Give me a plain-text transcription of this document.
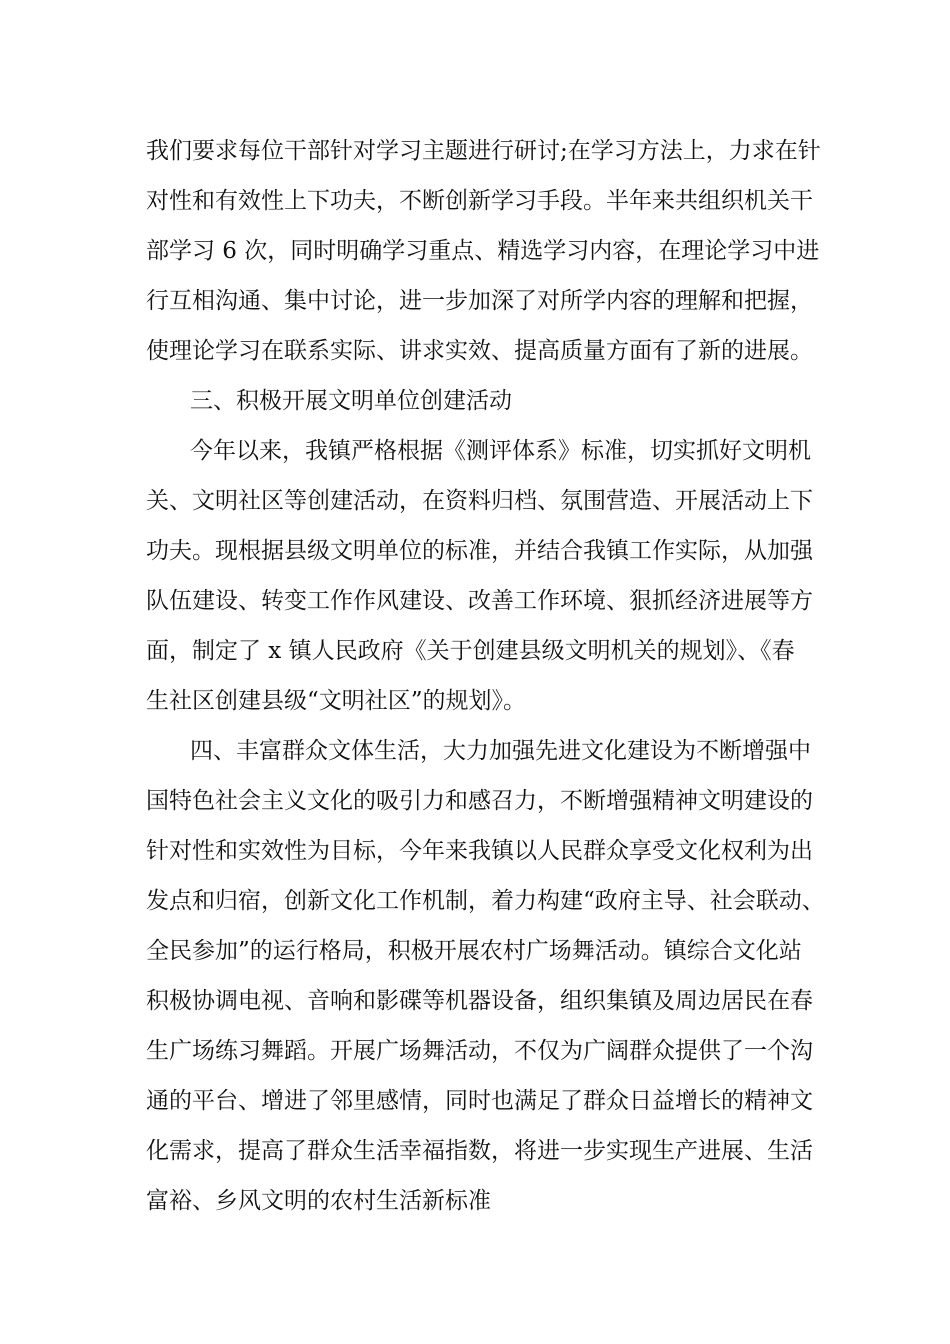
我们要求每位干部针对学习主题进行研讨;在学习方法上，力求在针

对性和有效性上下功夫，不断创新学习手段。半年来共组织机关干

部学习 6 次，同时明确学习重点、精选学习内容，在理论学习中进

行互相沟通、集中讨论，进一步加深了对所学内容的理解和把握，

使理论学习在联系实际、讲求实效、提高质量方面有了新的进展。

三、积极开展文明单位创建活动

今年以来，我镇严格根据《测评体系》标准，切实抓好文明机

关、文明社区等创建活动，在资料归档、氛围营造、开展活动上下

功夫。现根据县级文明单位的标准，并结合我镇工作实际，从加强

队伍建设、转变工作作风建设、改善工作环境、狠抓经济进展等方

面，制定了 x 镇人民政府《关于创建县级文明机关的规划》、《春

生社区创建县级“文明社区”的规划》。

四、丰富群众文体生活，大力加强先进文化建设为不断增强中

国特色社会主义文化的吸引力和感召力，不断增强精神文明建设的

针对性和实效性为目标，今年来我镇以人民群众享受文化权利为出

发点和归宿，创新文化工作机制，着力构建“政府主导、社会联动、

全民参加”的运行格局，积极开展农村广场舞活动。镇综合文化站

积极协调电视、音响和影碟等机器设备，组织集镇及周边居民在春

生广场练习舞蹈。开展广场舞活动，不仅为广阔群众提供了一个沟

通的平台、增进了邻里感情，同时也满足了群众日益增长的精神文

化需求，提高了群众生活幸福指数，将进一步实现生产进展、生活

富裕、乡风文明的农村生活新标准
